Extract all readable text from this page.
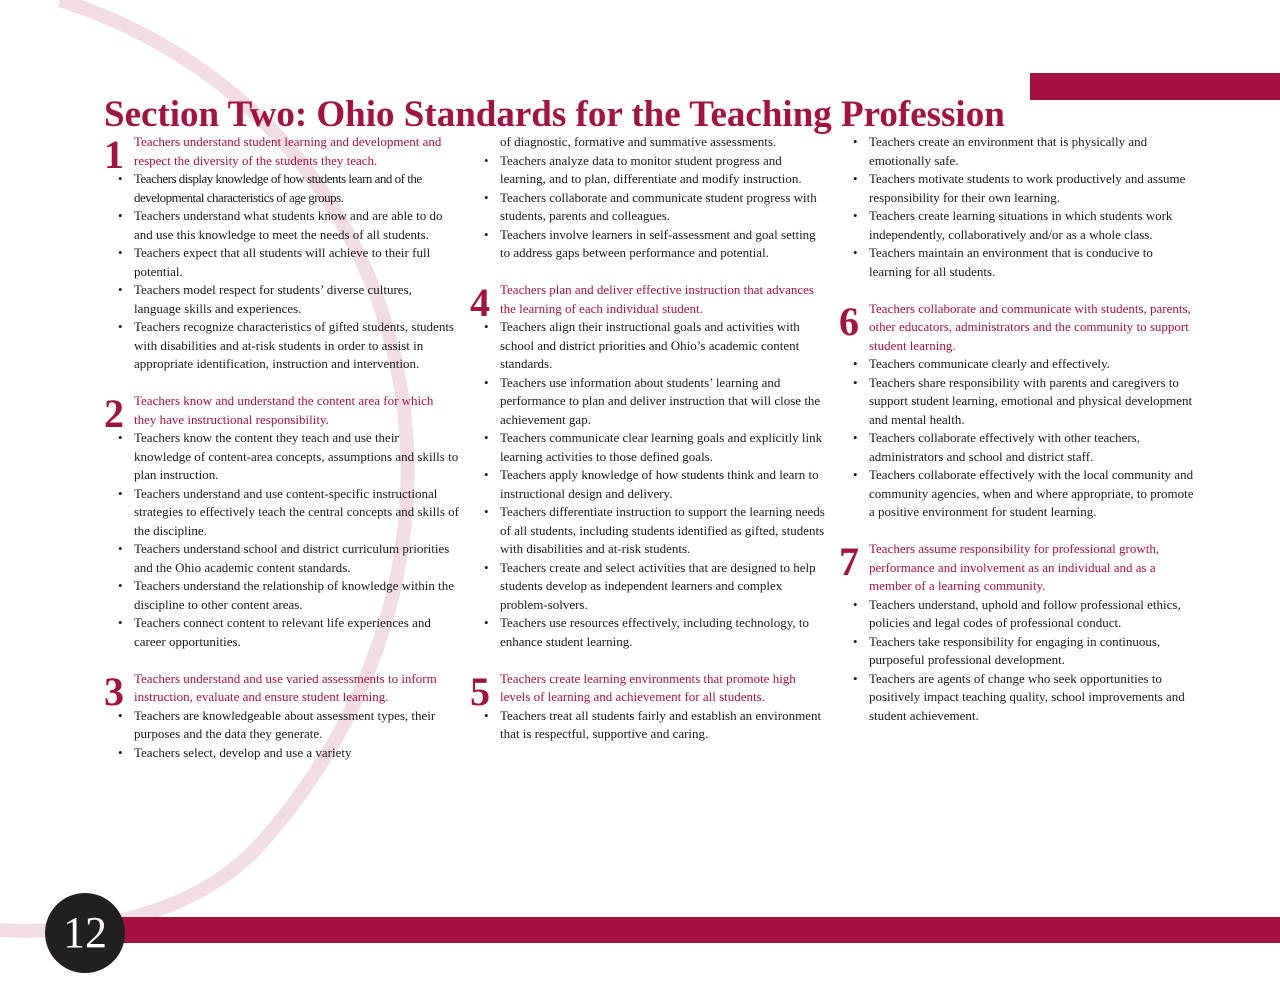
Section Two: Ohio Standards for the Teaching Profession
1 Teachers understand student learning and development and respect the diversity of the students they teach.

• Teachers display knowledge of how students learn and of the developmental characteristics of age groups.
• Teachers understand what students know and are able to do and use this knowledge to meet the needs of all students.
• Teachers expect that all students will achieve to their full potential.
• Teachers model respect for students’ diverse cultures, language skills and experiences.
• Teachers recognize characteristics of gifted students, students with disabilities and at-risk students in order to assist in appropriate identification, instruction and intervention.
2 Teachers know and understand the content area for which they have instructional responsibility.

• Teachers know the content they teach and use their knowledge of content-area concepts, assumptions and skills to plan instruction.
• Teachers understand and use content-specific instructional strategies to effectively teach the central concepts and skills of the discipline.
• Teachers understand school and district curriculum priorities and the Ohio academic content standards.
• Teachers understand the relationship of knowledge within the discipline to other content areas.
• Teachers connect content to relevant life experiences and career opportunities.
3 Teachers understand and use varied assessments to inform instruction, evaluate and ensure student learning.

• Teachers are knowledgeable about assessment types, their purposes and the data they generate.
• Teachers select, develop and use a variety

of diagnostic, formative and summative assessments.

• Teachers analyze data to monitor student progress and learning, and to plan, differentiate and modify instruction.
• Teachers collaborate and communicate student progress with students, parents and colleagues.
• Teachers involve learners in self-assessment and goal setting to address gaps between performance and potential.
4 Teachers plan and deliver effective instruction that advances the learning of each individual student.

• Teachers align their instructional goals and activities with school and district priorities and Ohio’s academic content standards.
• Teachers use information about students’ learning and performance to plan and deliver instruction that will close the achievement gap.
• Teachers communicate clear learning goals and explicitly link learning activities to those defined goals.
• Teachers apply knowledge of how students think and learn to instructional design and delivery.
• Teachers differentiate instruction to support the learning needs of all students, including students identified as gifted, students with disabilities and at-risk students.
• Teachers create and select activities that are designed to help students develop as independent learners and complex problem-solvers.
• Teachers use resources effectively, including technology, to enhance student learning.
5 Teachers create learning environments that promote high levels of learning and achievement for all students.

• Teachers treat all students fairly and establish an environment that is respectful, supportive and caring.
• Teachers create an environment that is physically and emotionally safe.
• Teachers motivate students to work productively and assume responsibility for their own learning.
• Teachers create learning situations in which students work independently, collaboratively and/or as a whole class.
• Teachers maintain an environment that is conducive to learning for all students.
6 Teachers collaborate and communicate with students, parents, other educators, administrators and the community to support student learning.

• Teachers communicate clearly and effectively.
• Teachers share responsibility with parents and caregivers to support student learning, emotional and physical development and mental health.
• Teachers collaborate effectively with other teachers, administrators and school and district staff.
• Teachers collaborate effectively with the local community and community agencies, when and where appropriate, to promote a positive environment for student learning.
7 Teachers assume responsibility for professional growth, performance and involvement as an individual and as a member of a learning community.

• Teachers understand, uphold and follow professional ethics, policies and legal codes of professional conduct.
• Teachers take responsibility for engaging in continuous, purposeful professional development.
• Teachers are agents of change who seek opportunities to positively impact teaching quality, school improvements and student achievement.
12
